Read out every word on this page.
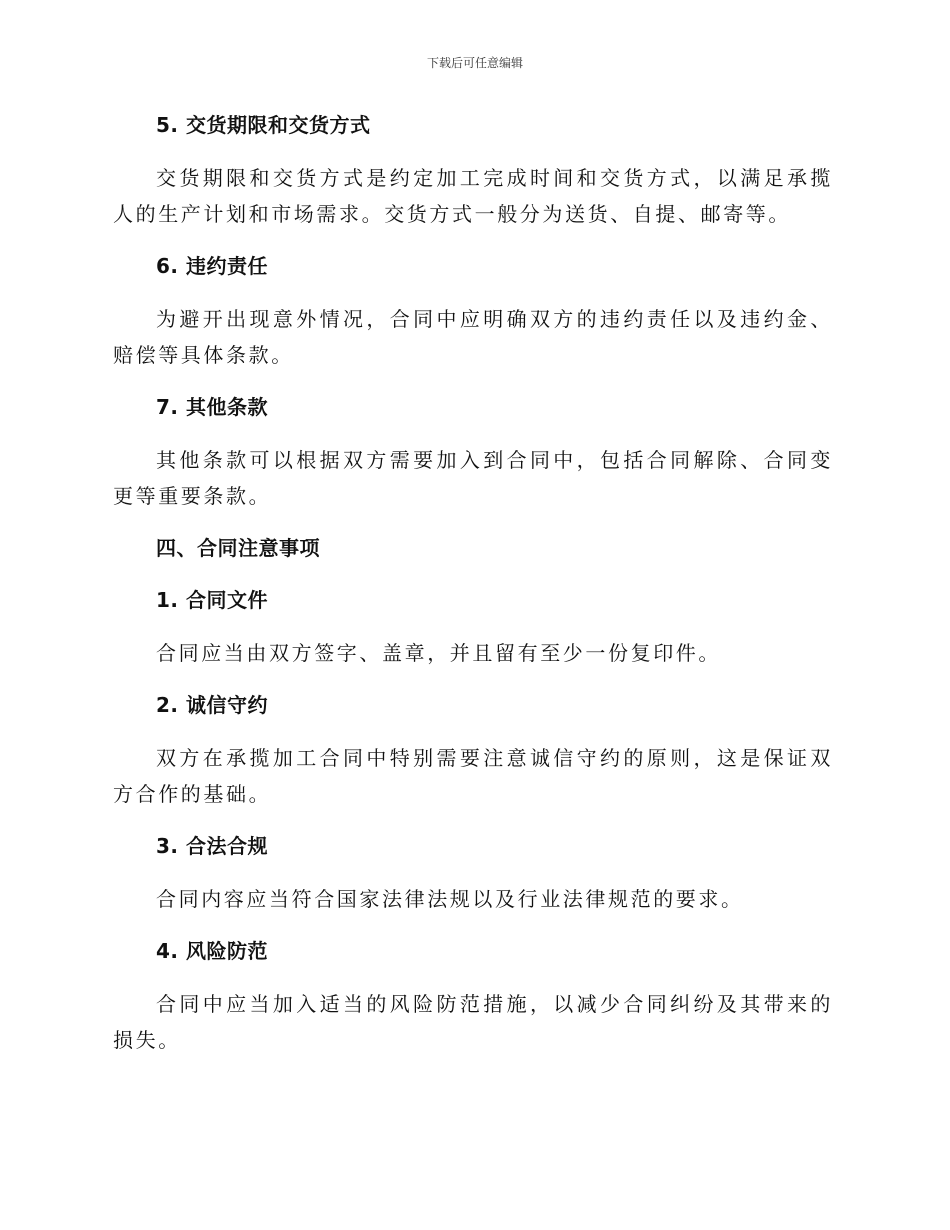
下载后可任意编辑
5. 交货期限和交货方式

交货期限和交货方式是约定加工完成时间和交货方式，以满足承揽人的生产计划和市场需求。交货方式一般分为送货、自提、邮寄等。

6. 违约责任

为避开出现意外情况，合同中应明确双方的违约责任以及违约金、赔偿等具体条款。

7. 其他条款

其他条款可以根据双方需要加入到合同中，包括合同解除、合同变更等重要条款。

四、合同注意事项
1. 合同文件

合同应当由双方签字、盖章，并且留有至少一份复印件。

2. 诚信守约

双方在承揽加工合同中特别需要注意诚信守约的原则，这是保证双方合作的基础。

3. 合法合规

合同内容应当符合国家法律法规以及行业法律规范的要求。

4. 风险防范

合同中应当加入适当的风险防范措施，以减少合同纠纷及其带来的损失。
